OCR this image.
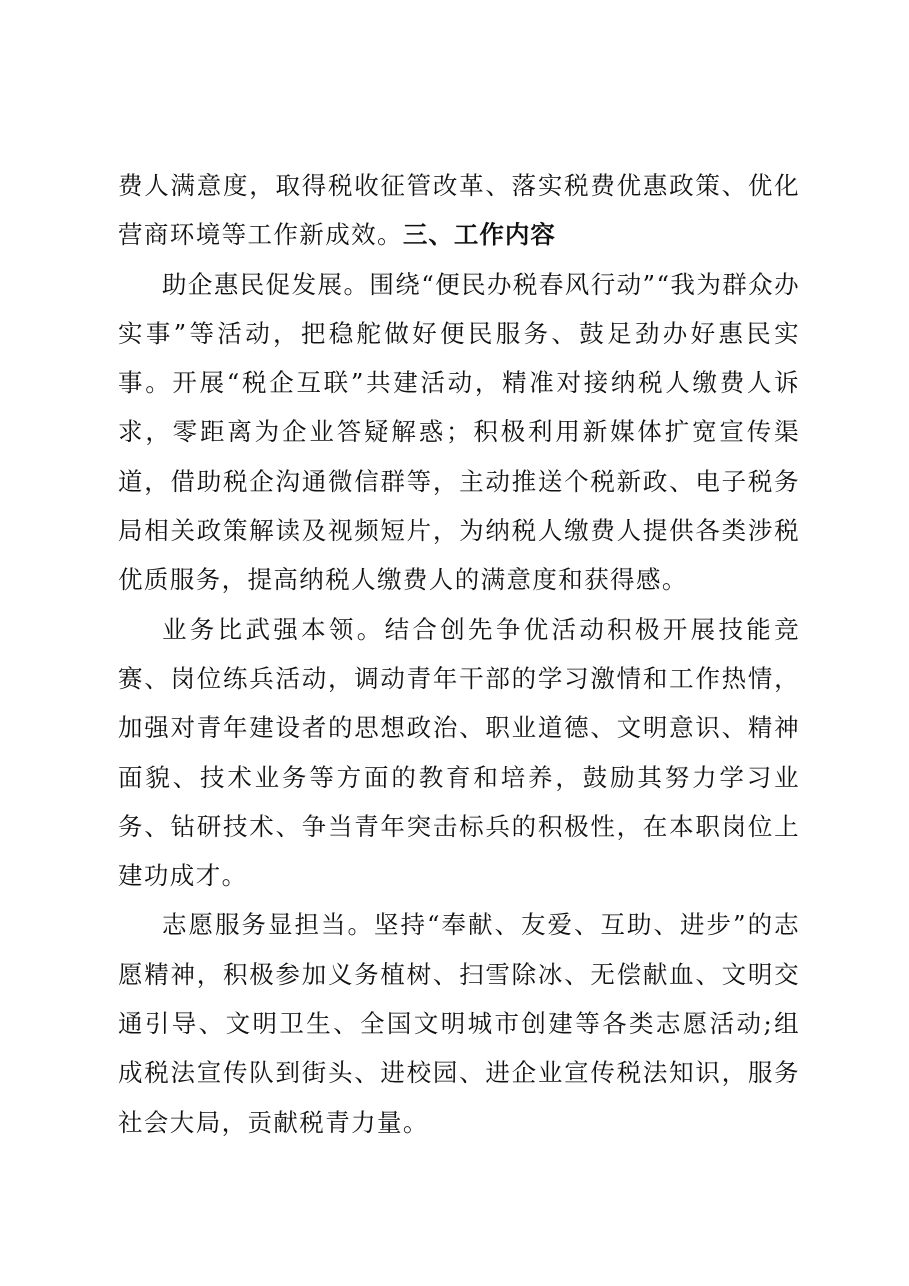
费人满意度，取得税收征管改革、落实税费优惠政策、优化营商环境等工作新成效。三、工作内容

助企惠民促发展。围绕“便民办税春风行动”“我为群众办实事”等活动，把稳舵做好便民服务、鼓足劲办好惠民实事。开展“税企互联”共建活动，精准对接纳税人缴费人诉求，零距离为企业答疑解惑；积极利用新媒体扩宽宣传渠道，借助税企沟通微信群等，主动推送个税新政、电子税务局相关政策解读及视频短片，为纳税人缴费人提供各类涉税优质服务，提高纳税人缴费人的满意度和获得感。

业务比武强本领。结合创先争优活动积极开展技能竞赛、岗位练兵活动，调动青年干部的学习激情和工作热情，加强对青年建设者的思想政治、职业道德、文明意识、精神面貌、技术业务等方面的教育和培养，鼓励其努力学习业务、钻研技术、争当青年突击标兵的积极性，在本职岗位上建功成才。

志愿服务显担当。坚持“奉献、友爱、互助、进步”的志愿精神，积极参加义务植树、扫雪除冰、无偿献血、文明交通引导、文明卫生、全国文明城市创建等各类志愿活动;组成税法宣传队到街头、进校园、进企业宣传税法知识，服务社会大局，贡献税青力量。
